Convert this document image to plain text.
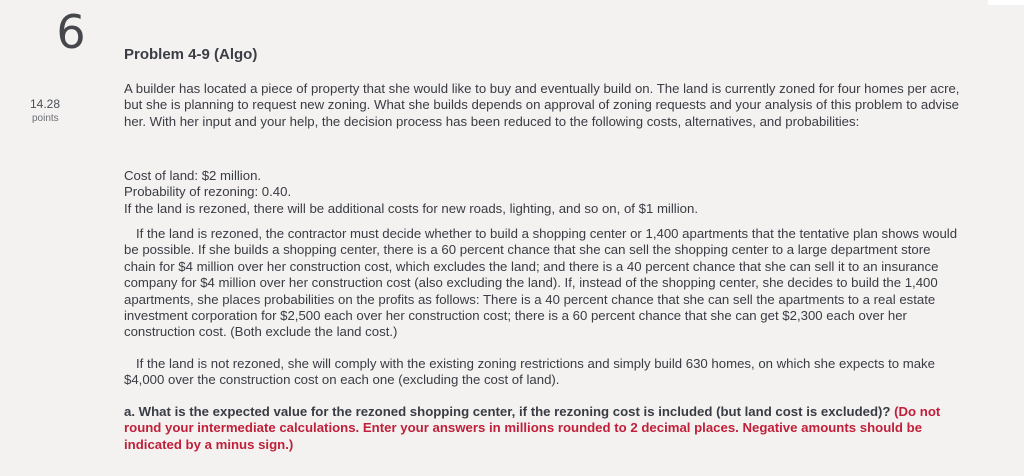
6
14.28
points
Problem 4-9 (Algo)

A builder has located a piece of property that she would like to buy and eventually build on. The land is currently zoned for four homes per acre, but she is planning to request new zoning. What she builds depends on approval of zoning requests and your analysis of this problem to advise her. With her input and your help, the decision process has been reduced to the following costs, alternatives, and probabilities:

Cost of land: $2 million.

Probability of rezoning: 0.40.

If the land is rezoned, there will be additional costs for new roads, lighting, and so on, of $1 million.

If the land is rezoned, the contractor must decide whether to build a shopping center or 1,400 apartments that the tentative plan shows would be possible. If she builds a shopping center, there is a 60 percent chance that she can sell the shopping center to a large department store chain for $4 million over her construction cost, which excludes the land; and there is a 40 percent chance that she can sell it to an insurance company for $4 million over her construction cost (also excluding the land). If, instead of the shopping center, she decides to build the 1,400 apartments, she places probabilities on the profits as follows: There is a 40 percent chance that she can sell the apartments to a real estate investment corporation for $2,500 each over her construction cost; there is a 60 percent chance that she can get $2,300 each over her construction cost. (Both exclude the land cost.)

If the land is not rezoned, she will comply with the existing zoning restrictions and simply build 630 homes, on which she expects to make $4,000 over the construction cost on each one (excluding the cost of land).

a. What is the expected value for the rezoned shopping center, if the rezoning cost is included (but land cost is excluded)? (Do not round your intermediate calculations. Enter your answers in millions rounded to 2 decimal places. Negative amounts should be indicated by a minus sign.)
